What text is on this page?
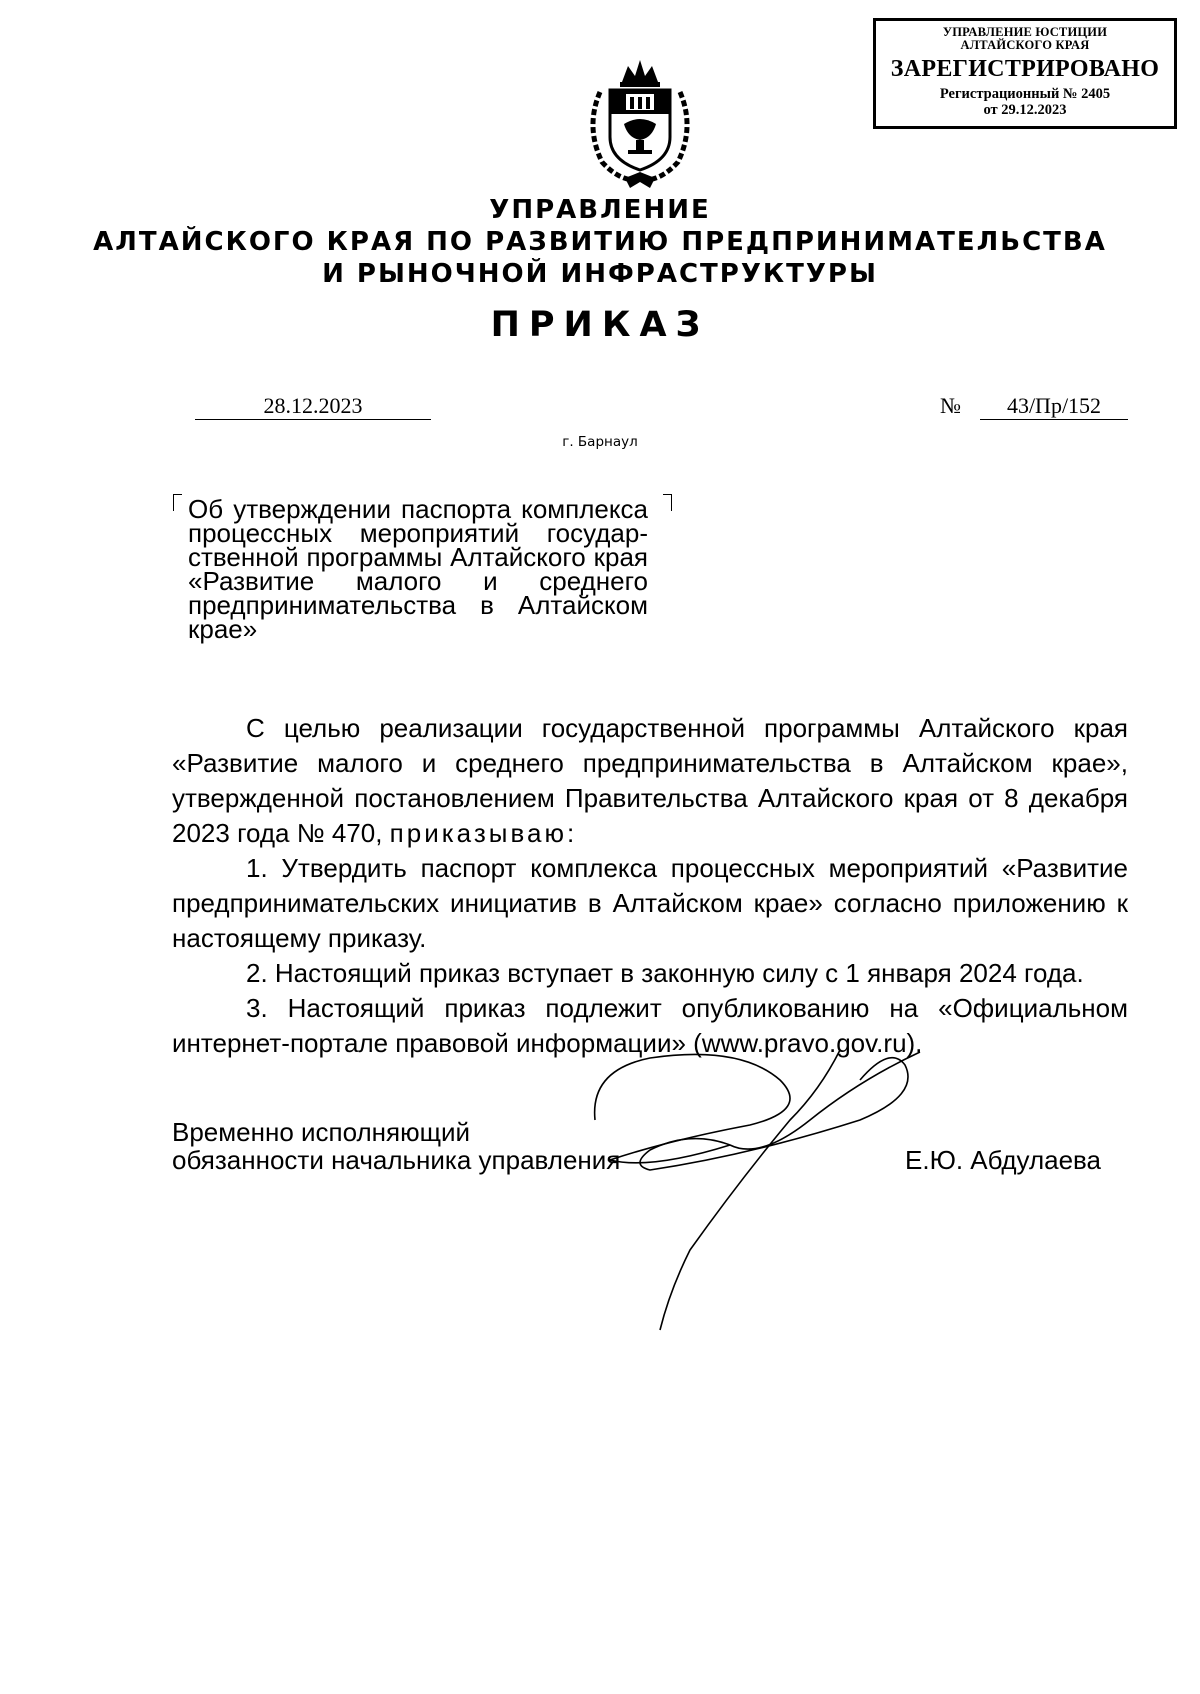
УПРАВЛЕНИЕ ЮСТИЦИИ
АЛТАЙСКОГО КРАЯ
ЗАРЕГИСТРИРОВАНО
Регистрационный № 2405
от 29.12.2023
УПРАВЛЕНИЕ
АЛТАЙСКОГО КРАЯ ПО РАЗВИТИЮ ПРЕДПРИНИМАТЕЛЬСТВА
И РЫНОЧНОЙ ИНФРАСТРУКТУРЫ
ПРИКАЗ
28.12.2023	№	43/Пр/152
г. Барнаул
Об утверждении паспорта комплекса
процессных мероприятий государ-
ственной программы Алтайского края
«Развитие малого и среднего
предпринимательства в Алтайском
крае»
С целью реализации государственной программы Алтайского края
«Развитие малого и среднего предпринимательства в Алтайском крае»,
утвержденной постановлением Правительства Алтайского края от 8 декабря
2023 года № 470, приказываю:
1. Утвердить паспорт комплекса процессных мероприятий «Развитие
предпринимательских инициатив в Алтайском крае» согласно приложению к
настоящему приказу.
2. Настоящий приказ вступает в законную силу с 1 января 2024 года.
3. Настоящий приказ подлежит опубликованию на «Официальном
интернет-портале правовой информации» (www.pravo.gov.ru).
Временно исполняющий
обязанности начальника управления	Е.Ю. Абдулаева
